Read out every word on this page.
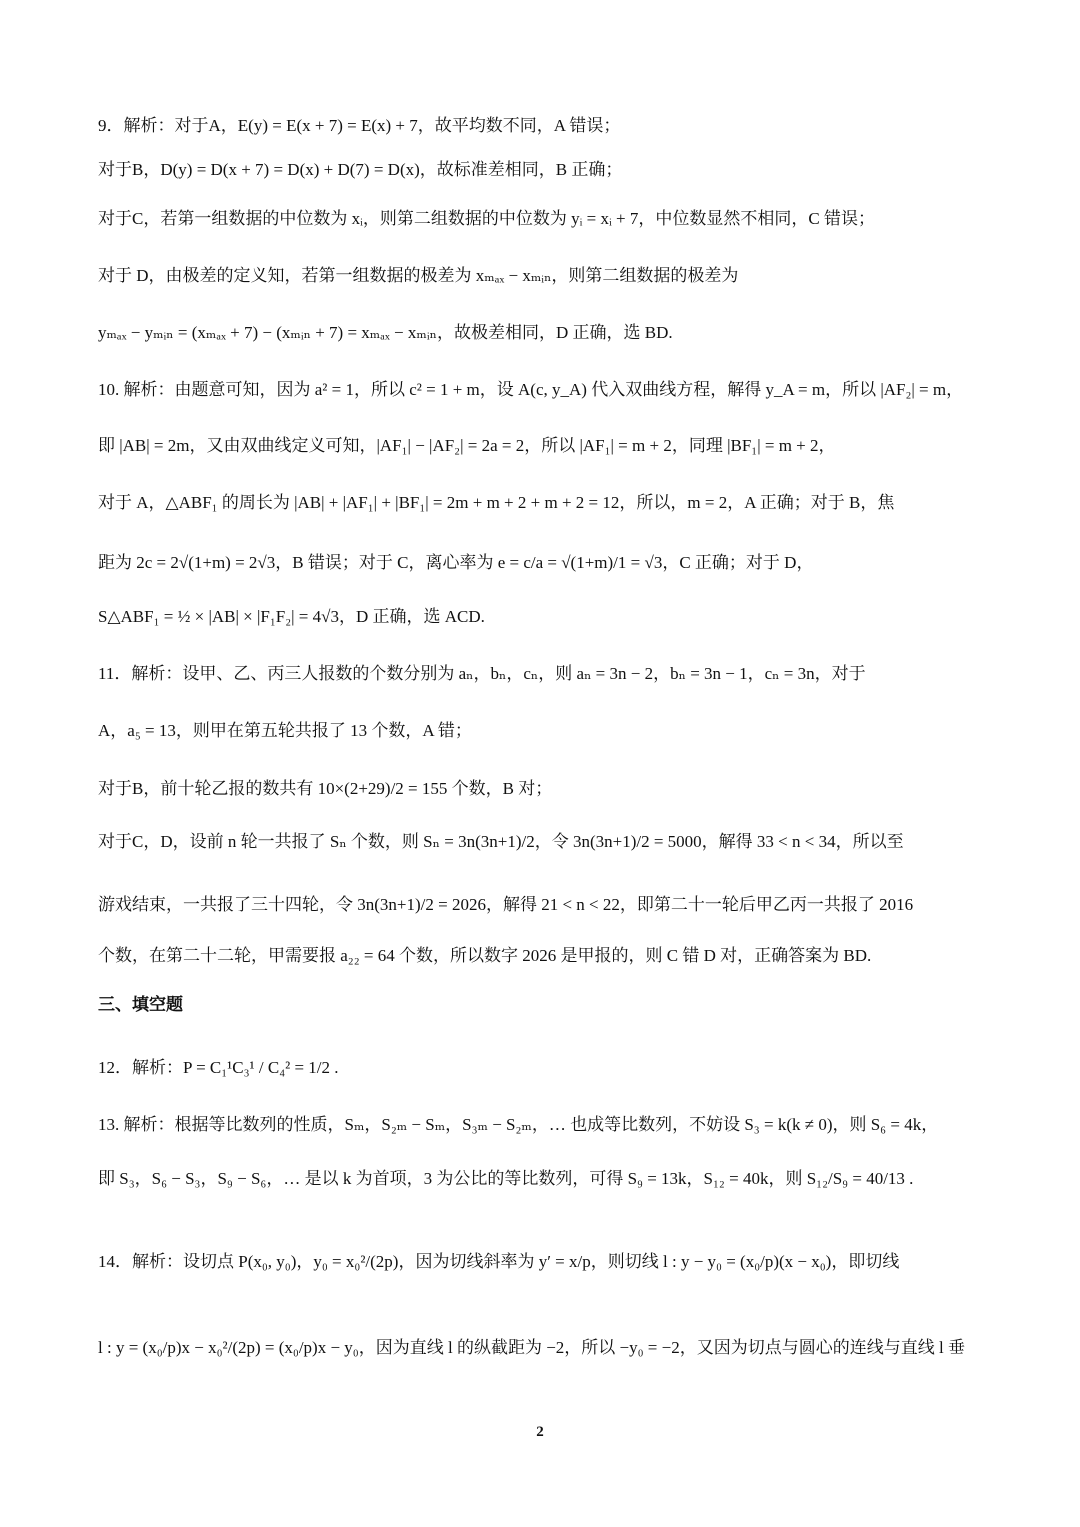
9．解析：对于A，E(y) = E(x + 7) = E(x) + 7，故平均数不同，A 错误；
对于B，D(y) = D(x + 7) = D(x) + D(7) = D(x)，故标准差相同，B 正确；
对于C，若第一组数据的中位数为 xᵢ，则第二组数据的中位数为 yᵢ = xᵢ + 7，中位数显然不相同，C 错误；
对于 D，由极差的定义知，若第一组数据的极差为 xₘₐₓ − xₘᵢₙ，则第二组数据的极差为
yₘₐₓ − yₘᵢₙ = (xₘₐₓ + 7) − (xₘᵢₙ + 7) = xₘₐₓ − xₘᵢₙ，故极差相同，D 正确，选 BD.
10. 解析：由题意可知，因为 a² = 1，所以 c² = 1 + m，设 A(c, y_A) 代入双曲线方程，解得 y_A = m，所以 |AF₂| = m，
即 |AB| = 2m，又由双曲线定义可知，|AF₁| − |AF₂| = 2a = 2，所以 |AF₁| = m + 2，同理 |BF₁| = m + 2，
对于 A，△ABF₁ 的周长为 |AB| + |AF₁| + |BF₁| = 2m + m + 2 + m + 2 = 12，所以，m = 2，A 正确；对于 B，焦
距为 2c = 2√(1+m) = 2√3，B 错误；对于 C，离心率为 e = c/a = √(1+m)/1 = √3，C 正确；对于 D，
S△ABF₁ = ½ × |AB| × |F₁F₂| = 4√3，D 正确，选 ACD.
11．解析：设甲、乙、丙三人报数的个数分别为 aₙ，bₙ，cₙ，则 aₙ = 3n − 2，bₙ = 3n − 1，cₙ = 3n，对于
A，a₅ = 13，则甲在第五轮共报了 13 个数，A 错；
对于B，前十轮乙报的数共有 10×(2+29)/2 = 155 个数，B 对；
对于C，D，设前 n 轮一共报了 Sₙ 个数，则 Sₙ = 3n(3n+1)/2，令 3n(3n+1)/2 = 5000，解得 33 < n < 34，所以至
游戏结束，一共报了三十四轮，令 3n(3n+1)/2 = 2026，解得 21 < n < 22，即第二十一轮后甲乙丙一共报了 2016
个数，在第二十二轮，甲需要报 a₂₂ = 64 个数，所以数字 2026 是甲报的，则 C 错 D 对，正确答案为 BD.
三、填空题
12．解析：P = C₁¹C₃¹ / C₄² = 1/2 .
13. 解析：根据等比数列的性质，Sₘ，S₂ₘ − Sₘ，S₃ₘ − S₂ₘ，… 也成等比数列，不妨设 S₃ = k(k ≠ 0)，则 S₆ = 4k，
即 S₃，S₆ − S₃，S₉ − S₆，… 是以 k 为首项，3 为公比的等比数列，可得 S₉ = 13k，S₁₂ = 40k，则 S₁₂/S₉ = 40/13 .
14．解析：设切点 P(x₀, y₀)，y₀ = x₀²/(2p)，因为切线斜率为 y′ = x/p，则切线 l : y − y₀ = (x₀/p)(x − x₀)，即切线
l : y = (x₀/p)x − x₀²/(2p) = (x₀/p)x − y₀，因为直线 l 的纵截距为 −2，所以 −y₀ = −2，又因为切点与圆心的连线与直线 l 垂
2
